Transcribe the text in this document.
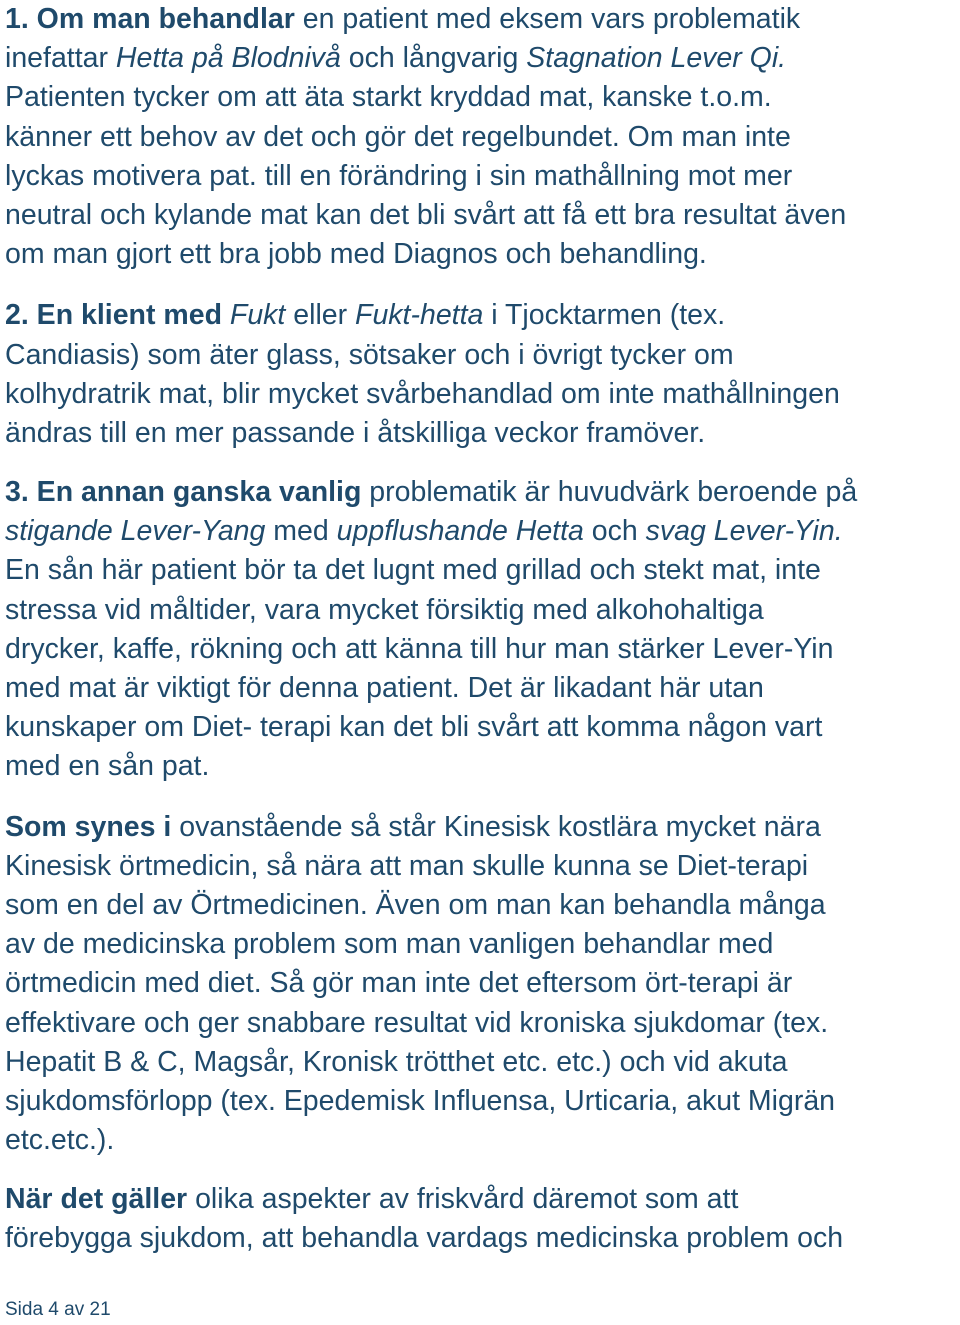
1. Om man behandlar en patient med eksem vars problematik
inefattar Hetta på Blodnivå och långvarig Stagnation Lever Qi.
Patienten tycker om att äta starkt kryddad mat, kanske t.o.m.
känner ett behov av det och gör det regelbundet. Om man inte
lyckas motivera pat. till en förändring i sin mathållning mot mer
neutral och kylande mat kan det bli svårt att få ett bra resultat även
om man gjort ett bra jobb med Diagnos och behandling.

2. En klient med Fukt eller Fukt-hetta i Tjocktarmen (tex.
Candiasis) som äter glass, sötsaker och i övrigt tycker om
kolhydratrik mat, blir mycket svårbehandlad om inte mathållningen
ändras till en mer passande i åtskilliga veckor framöver.

3. En annan ganska vanlig problematik är huvudvärk beroende på
stigande Lever-Yang med uppflushande Hetta och svag Lever-Yin.
En sån här patient bör ta det lugnt med grillad och stekt mat, inte
stressa vid måltider, vara mycket försiktig med alkohohaltiga
drycker, kaffe, rökning och att känna till hur man stärker Lever-Yin
med mat är viktigt för denna patient. Det är likadant här utan
kunskaper om Diet- terapi kan det bli svårt att komma någon vart
med en sån pat.

Som synes i ovanstående så står Kinesisk kostlära mycket nära
Kinesisk örtmedicin, så nära att man skulle kunna se Diet-terapi
som en del av Örtmedicinen. Även om man kan behandla många
av de medicinska problem som man vanligen behandlar med
örtmedicin med diet. Så gör man inte det eftersom ört-terapi är
effektivare och ger snabbare resultat vid kroniska sjukdomar (tex.
Hepatit B & C, Magsår, Kronisk trötthet etc. etc.) och vid akuta
sjukdomsförlopp (tex. Epedemisk Influensa, Urticaria, akut Migrän
etc.etc.).

När det gäller olika aspekter av friskvård däremot som att
förebygga sjukdom, att behandla vardags medicinska problem och

Sida 4 av 21
